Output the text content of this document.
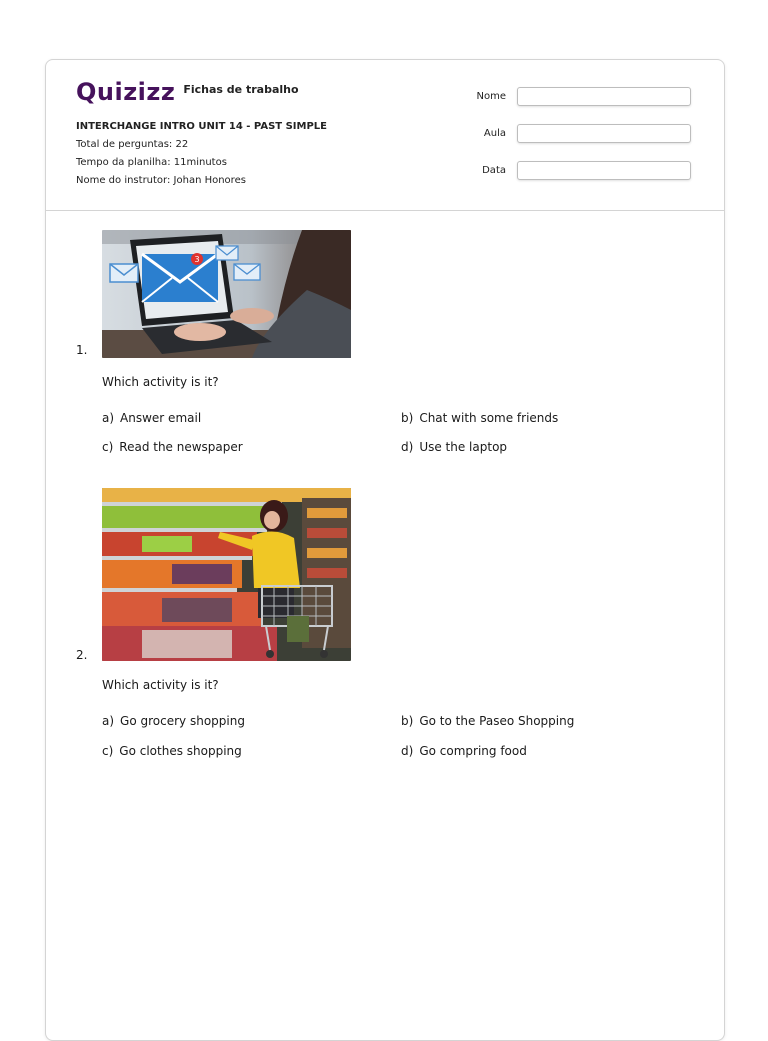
Quizizz Fichas de trabalho
INTERCHANGE INTRO UNIT 14 - PAST SIMPLE
Total de perguntas: 22
Tempo da planilha: 11minutos
Nome do instrutor: Johan Honores
Nome
Aula
Data
3
1.
Which activity is it?
a) Answer email	b) Chat with some friends
c) Read the newspaper	d) Use the laptop
2.
Which activity is it?
a) Go grocery shopping	b) Go to the Paseo Shopping
c) Go clothes shopping	d) Go compring food
